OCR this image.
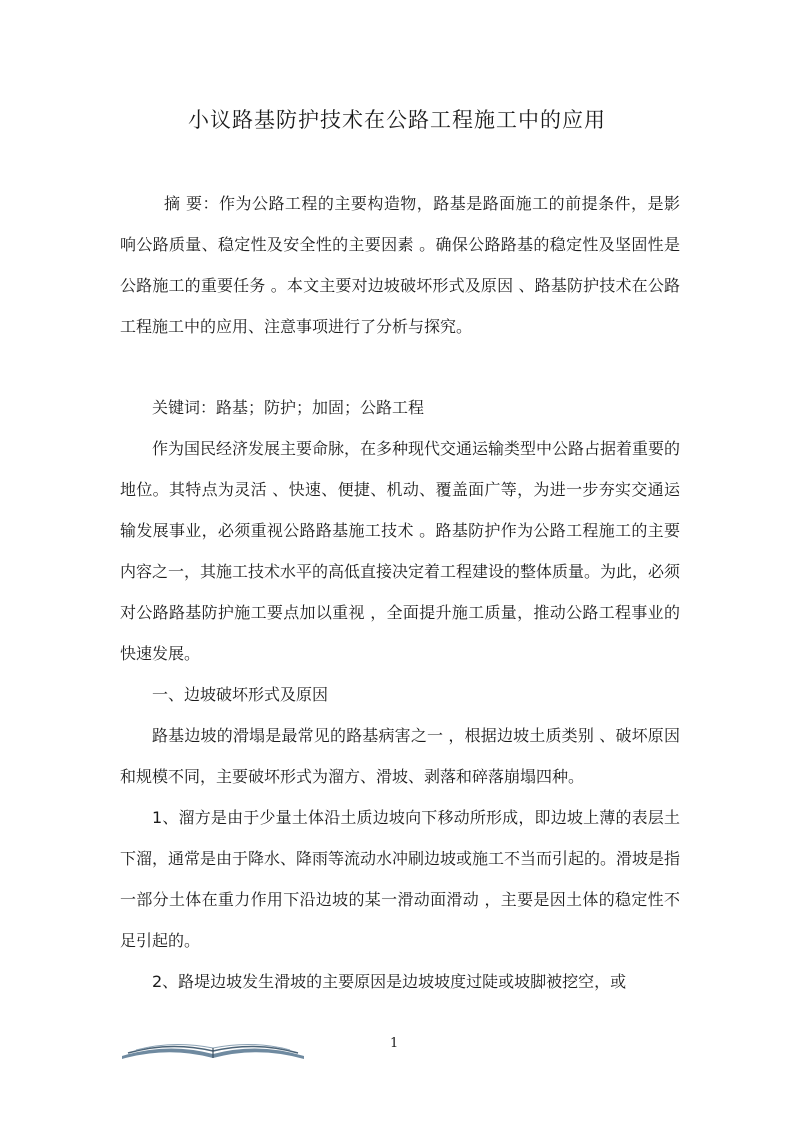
小议路基防护技术在公路工程施工中的应用

摘 要：作为公路工程的主要构造物，路基是路面施工的前提条件，是影响公路质量、稳定性及安全性的主要因素 。确保公路路基的稳定性及坚固性是公路施工的重要任务 。本文主要对边坡破坏形式及原因 、路基防护技术在公路工程施工中的应用、注意事项进行了分析与探究。

关键词：路基；防护；加固；公路工程

作为国民经济发展主要命脉，在多种现代交通运输类型中公路占据着重要的地位。其特点为灵活 、快速、便捷、机动、覆盖面广等，为进一步夯实交通运输发展事业，必须重视公路路基施工技术 。路基防护作为公路工程施工的主要内容之一，其施工技术水平的高低直接决定着工程建设的整体质量。为此，必须对公路路基防护施工要点加以重视 ，全面提升施工质量，推动公路工程事业的快速发展。

一、边坡破坏形式及原因

路基边坡的滑塌是最常见的路基病害之一 ，根据边坡土质类别 、破坏原因和规模不同，主要破坏形式为溜方、滑坡、剥落和碎落崩塌四种。

1、溜方是由于少量土体沿土质边坡向下移动所形成，即边坡上薄的表层土下溜，通常是由于降水、降雨等流动水冲刷边坡或施工不当而引起的。滑坡是指一部分土体在重力作用下沿边坡的某一滑动面滑动 ，主要是因土体的稳定性不足引起的。

2、路堤边坡发生滑坡的主要原因是边坡坡度过陡或坡脚被挖空，或

1
